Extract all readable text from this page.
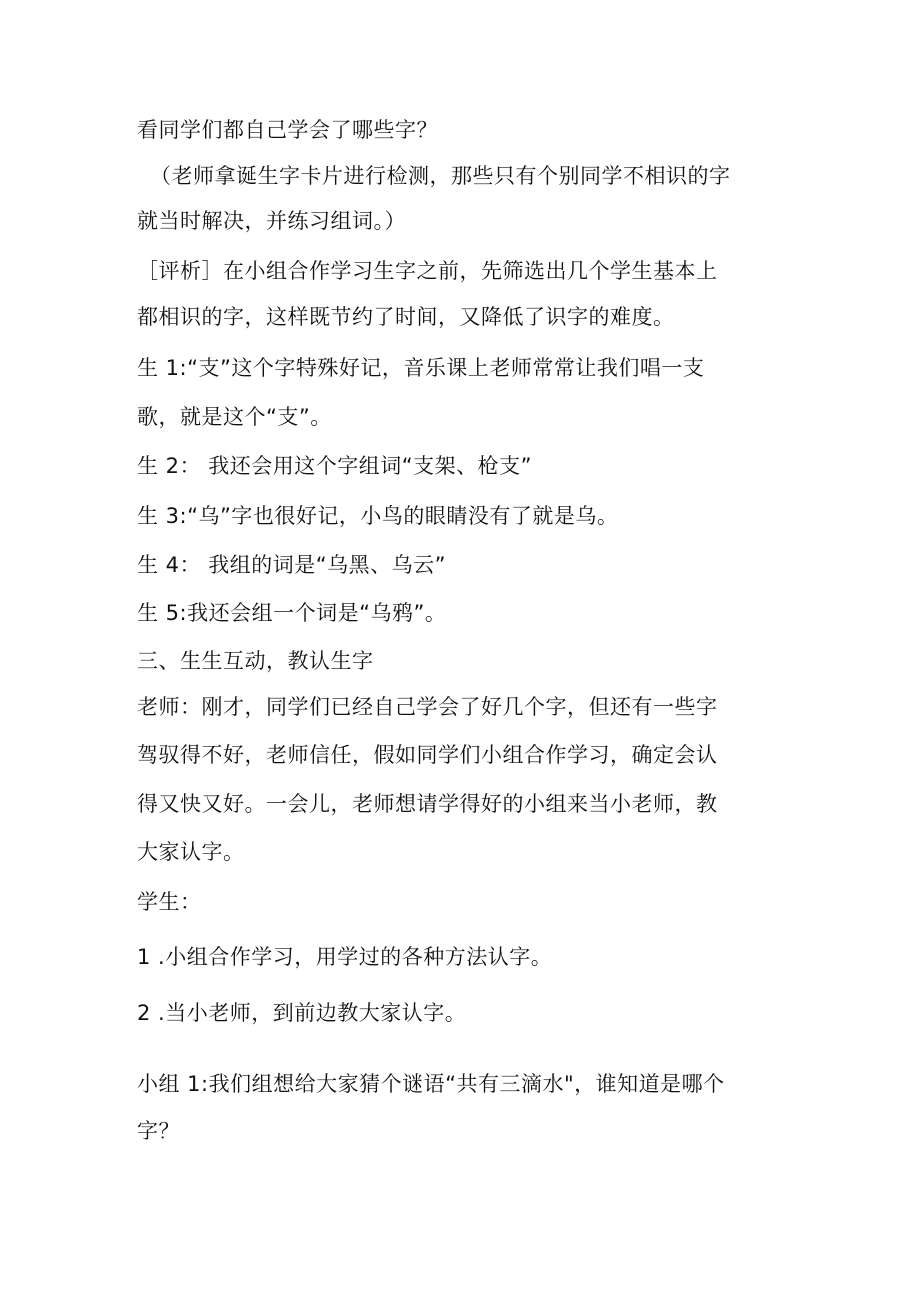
看同学们都自己学会了哪些字？
（老师拿诞生字卡片进行检测，那些只有个别同学不相识的字
就当时解决，并练习组词。）
［评析］在小组合作学习生字之前，先筛选出几个学生基本上
都相识的字，这样既节约了时间，又降低了识字的难度。
生 1:“支”这个字特殊好记，音乐课上老师常常让我们唱一支
歌，就是这个“支”。
生 2： 我还会用这个字组词“支架、枪支”
生 3:“乌”字也很好记，小鸟的眼睛没有了就是乌。
生 4： 我组的词是“乌黑、乌云”
生 5:我还会组一个词是“乌鸦”。
三、生生互动，教认生字
老师：刚才，同学们已经自己学会了好几个字，但还有一些字
驾驭得不好，老师信任，假如同学们小组合作学习，确定会认
得又快又好。一会儿，老师想请学得好的小组来当小老师，教
大家认字。
学生：
1 .小组合作学习，用学过的各种方法认字。
2 .当小老师，到前边教大家认字。
小组 1:我们组想给大家猜个谜语“共有三滴水"，谁知道是哪个
字？
